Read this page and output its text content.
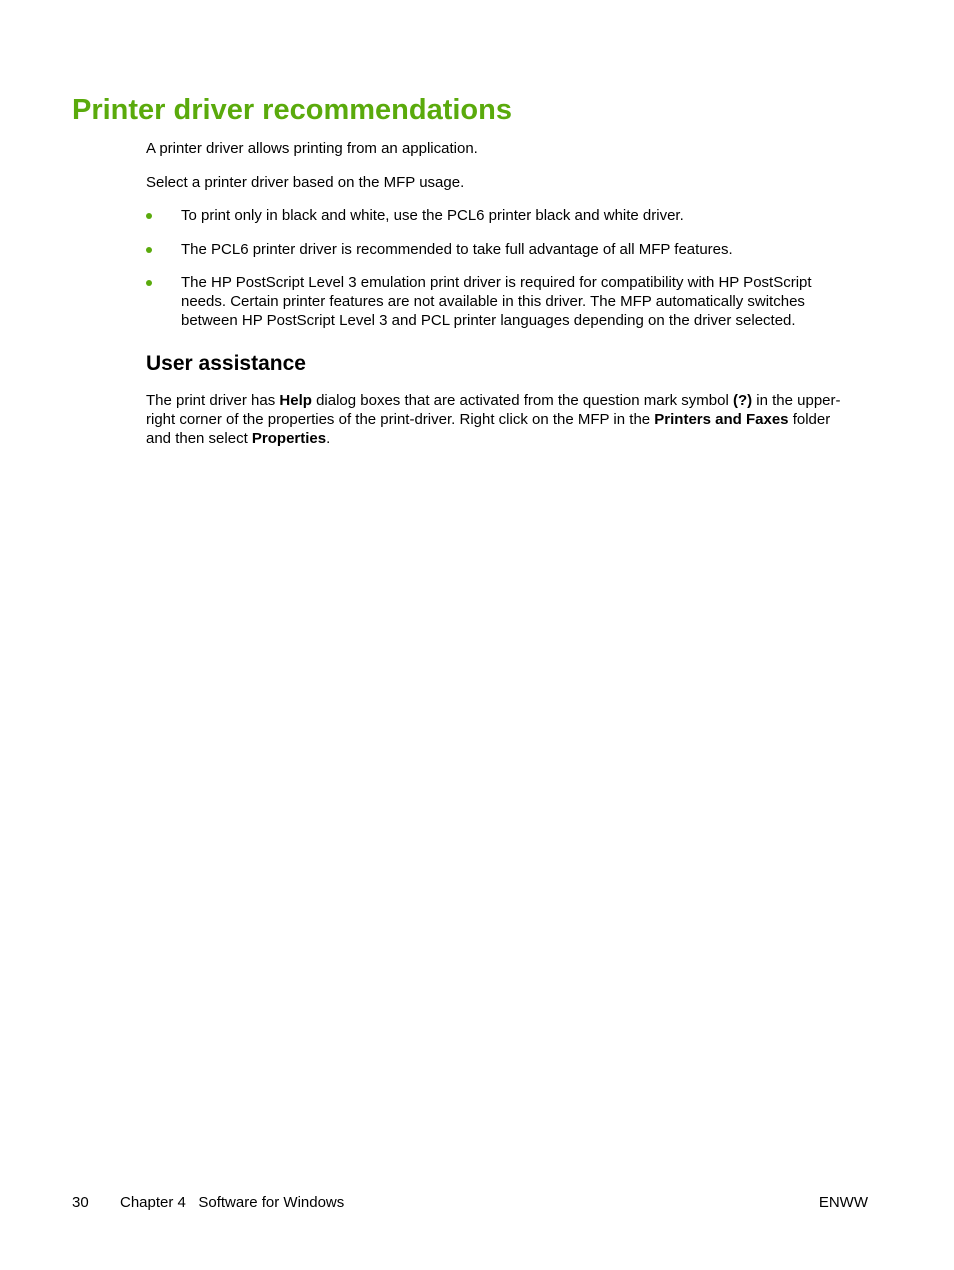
Printer driver recommendations

A printer driver allows printing from an application.

Select a printer driver based on the MFP usage.

To print only in black and white, use the PCL6 printer black and white driver.
The PCL6 printer driver is recommended to take full advantage of all MFP features.
The HP PostScript Level 3 emulation print driver is required for compatibility with HP PostScript
needs. Certain printer features are not available in this driver. The MFP automatically switches
between HP PostScript Level 3 and PCL printer languages depending on the driver selected.
User assistance

The print driver has Help dialog boxes that are activated from the question mark symbol (?) in the upper-
right corner of the properties of the print-driver. Right click on the MFP in the Printers and Faxes folder
and then select Properties.

30 Chapter 4   Software for Windows	ENWW
